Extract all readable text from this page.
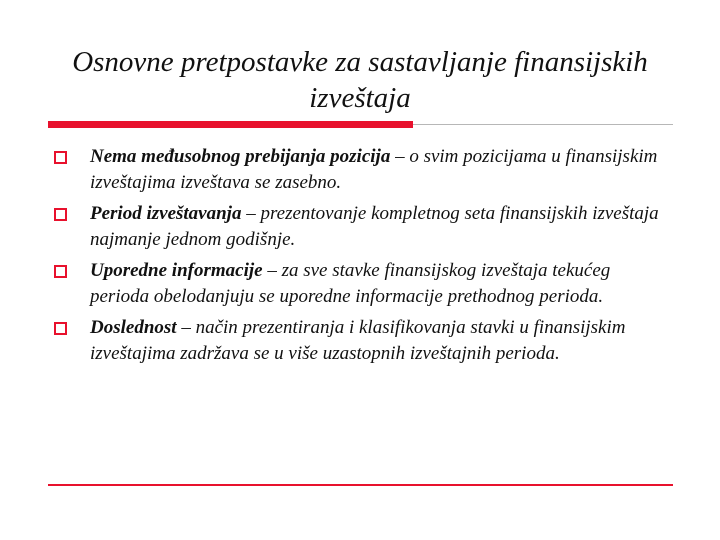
Osnovne pretpostavke za sastavljanje finansijskih izveštaja
Nema međusobnog prebijanja pozicija – o svim pozicijama u finansijskim izveštajima izveštava se zasebno.
Period izveštavanja – prezentovanje kompletnog seta finansijskih izveštaja najmanje jednom godišnje.
Uporedne informacije – za sve stavke finansijskog izveštaja tekućeg perioda obelodanjuju se uporedne informacije prethodnog perioda.
Doslednost – način prezentiranja i klasifikovanja stavki u finansijskim izveštajima zadržava se u više uzastopnih izveštajnih perioda.
